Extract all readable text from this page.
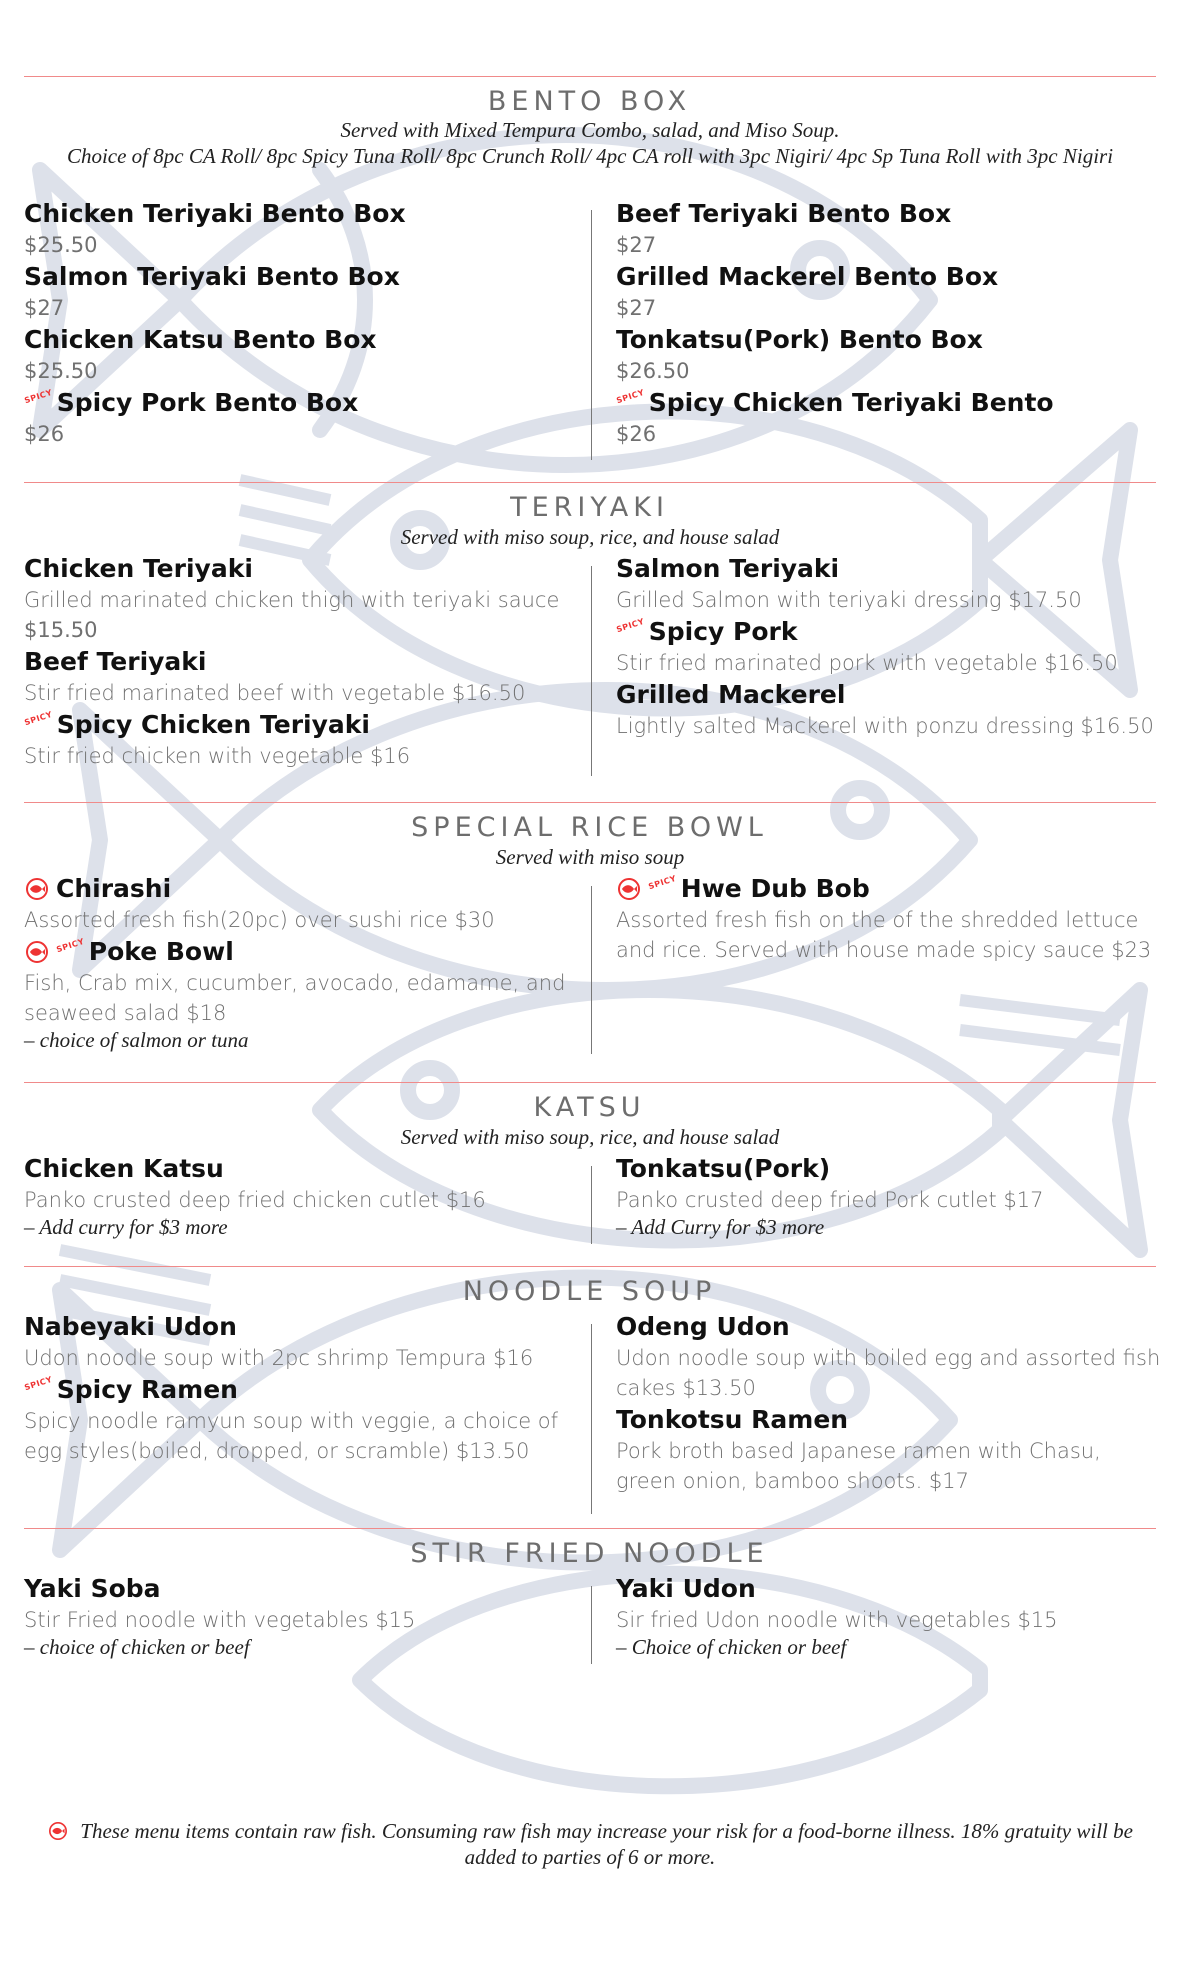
BENTO BOX
Served with Mixed Tempura Combo, salad, and Miso Soup.
Choice of 8pc CA Roll/ 8pc Spicy Tuna Roll/ 8pc Crunch Roll/ 4pc CA roll with 3pc Nigiri/ 4pc Sp Tuna Roll with 3pc Nigiri
Chicken Teriyaki Bento Box
$25.50
Salmon Teriyaki Bento Box
$27
Chicken Katsu Bento Box
$25.50
SPICY Spicy Pork Bento Box
$26
Beef Teriyaki Bento Box
$27
Grilled Mackerel Bento Box
$27
Tonkatsu(Pork) Bento Box
$26.50
SPICY Spicy Chicken Teriyaki Bento
$26
TERIYAKI
Served with miso soup, rice, and house salad
Chicken Teriyaki
Grilled marinated chicken thigh with teriyaki sauce
$15.50
Beef Teriyaki
Stir fried marinated beef with vegetable $16.50
SPICY Spicy Chicken Teriyaki
Stir fried chicken with vegetable $16
Salmon Teriyaki
Grilled Salmon with teriyaki dressing $17.50
SPICY Spicy Pork
Stir fried marinated pork with vegetable $16.50
Grilled Mackerel
Lightly salted Mackerel with ponzu dressing $16.50
SPECIAL RICE BOWL
Served with miso soup
Chirashi
Assorted fresh fish(20pc) over sushi rice $30
SPICY Poke Bowl
Fish, Crab mix, cucumber, avocado, edamame, and seaweed salad $18
– choice of salmon or tuna
SPICY Hwe Dub Bob
Assorted fresh fish on the of the shredded lettuce and rice. Served with house made spicy sauce $23
KATSU
Served with miso soup, rice, and house salad
Chicken Katsu
Panko crusted deep fried chicken cutlet $16
– Add curry for $3 more
Tonkatsu(Pork)
Panko crusted deep fried Pork cutlet $17
– Add Curry for $3 more
NOODLE SOUP
Nabeyaki Udon
Udon noodle soup with 2pc shrimp Tempura $16
SPICY Spicy Ramen
Spicy noodle ramyun soup with veggie, a choice of egg styles(boiled, dropped, or scramble) $13.50
Odeng Udon
Udon noodle soup with boiled egg and assorted fish cakes $13.50
Tonkotsu Ramen
Pork broth based Japanese ramen with Chasu, green onion, bamboo shoots. $17
STIR FRIED NOODLE
Yaki Soba
Stir Fried noodle with vegetables $15
– choice of chicken or beef
Yaki Udon
Sir fried Udon noodle with vegetables $15
– Choice of chicken or beef
These menu items contain raw fish. Consuming raw fish may increase your risk for a food-borne illness. 18% gratuity will be added to parties of 6 or more.
